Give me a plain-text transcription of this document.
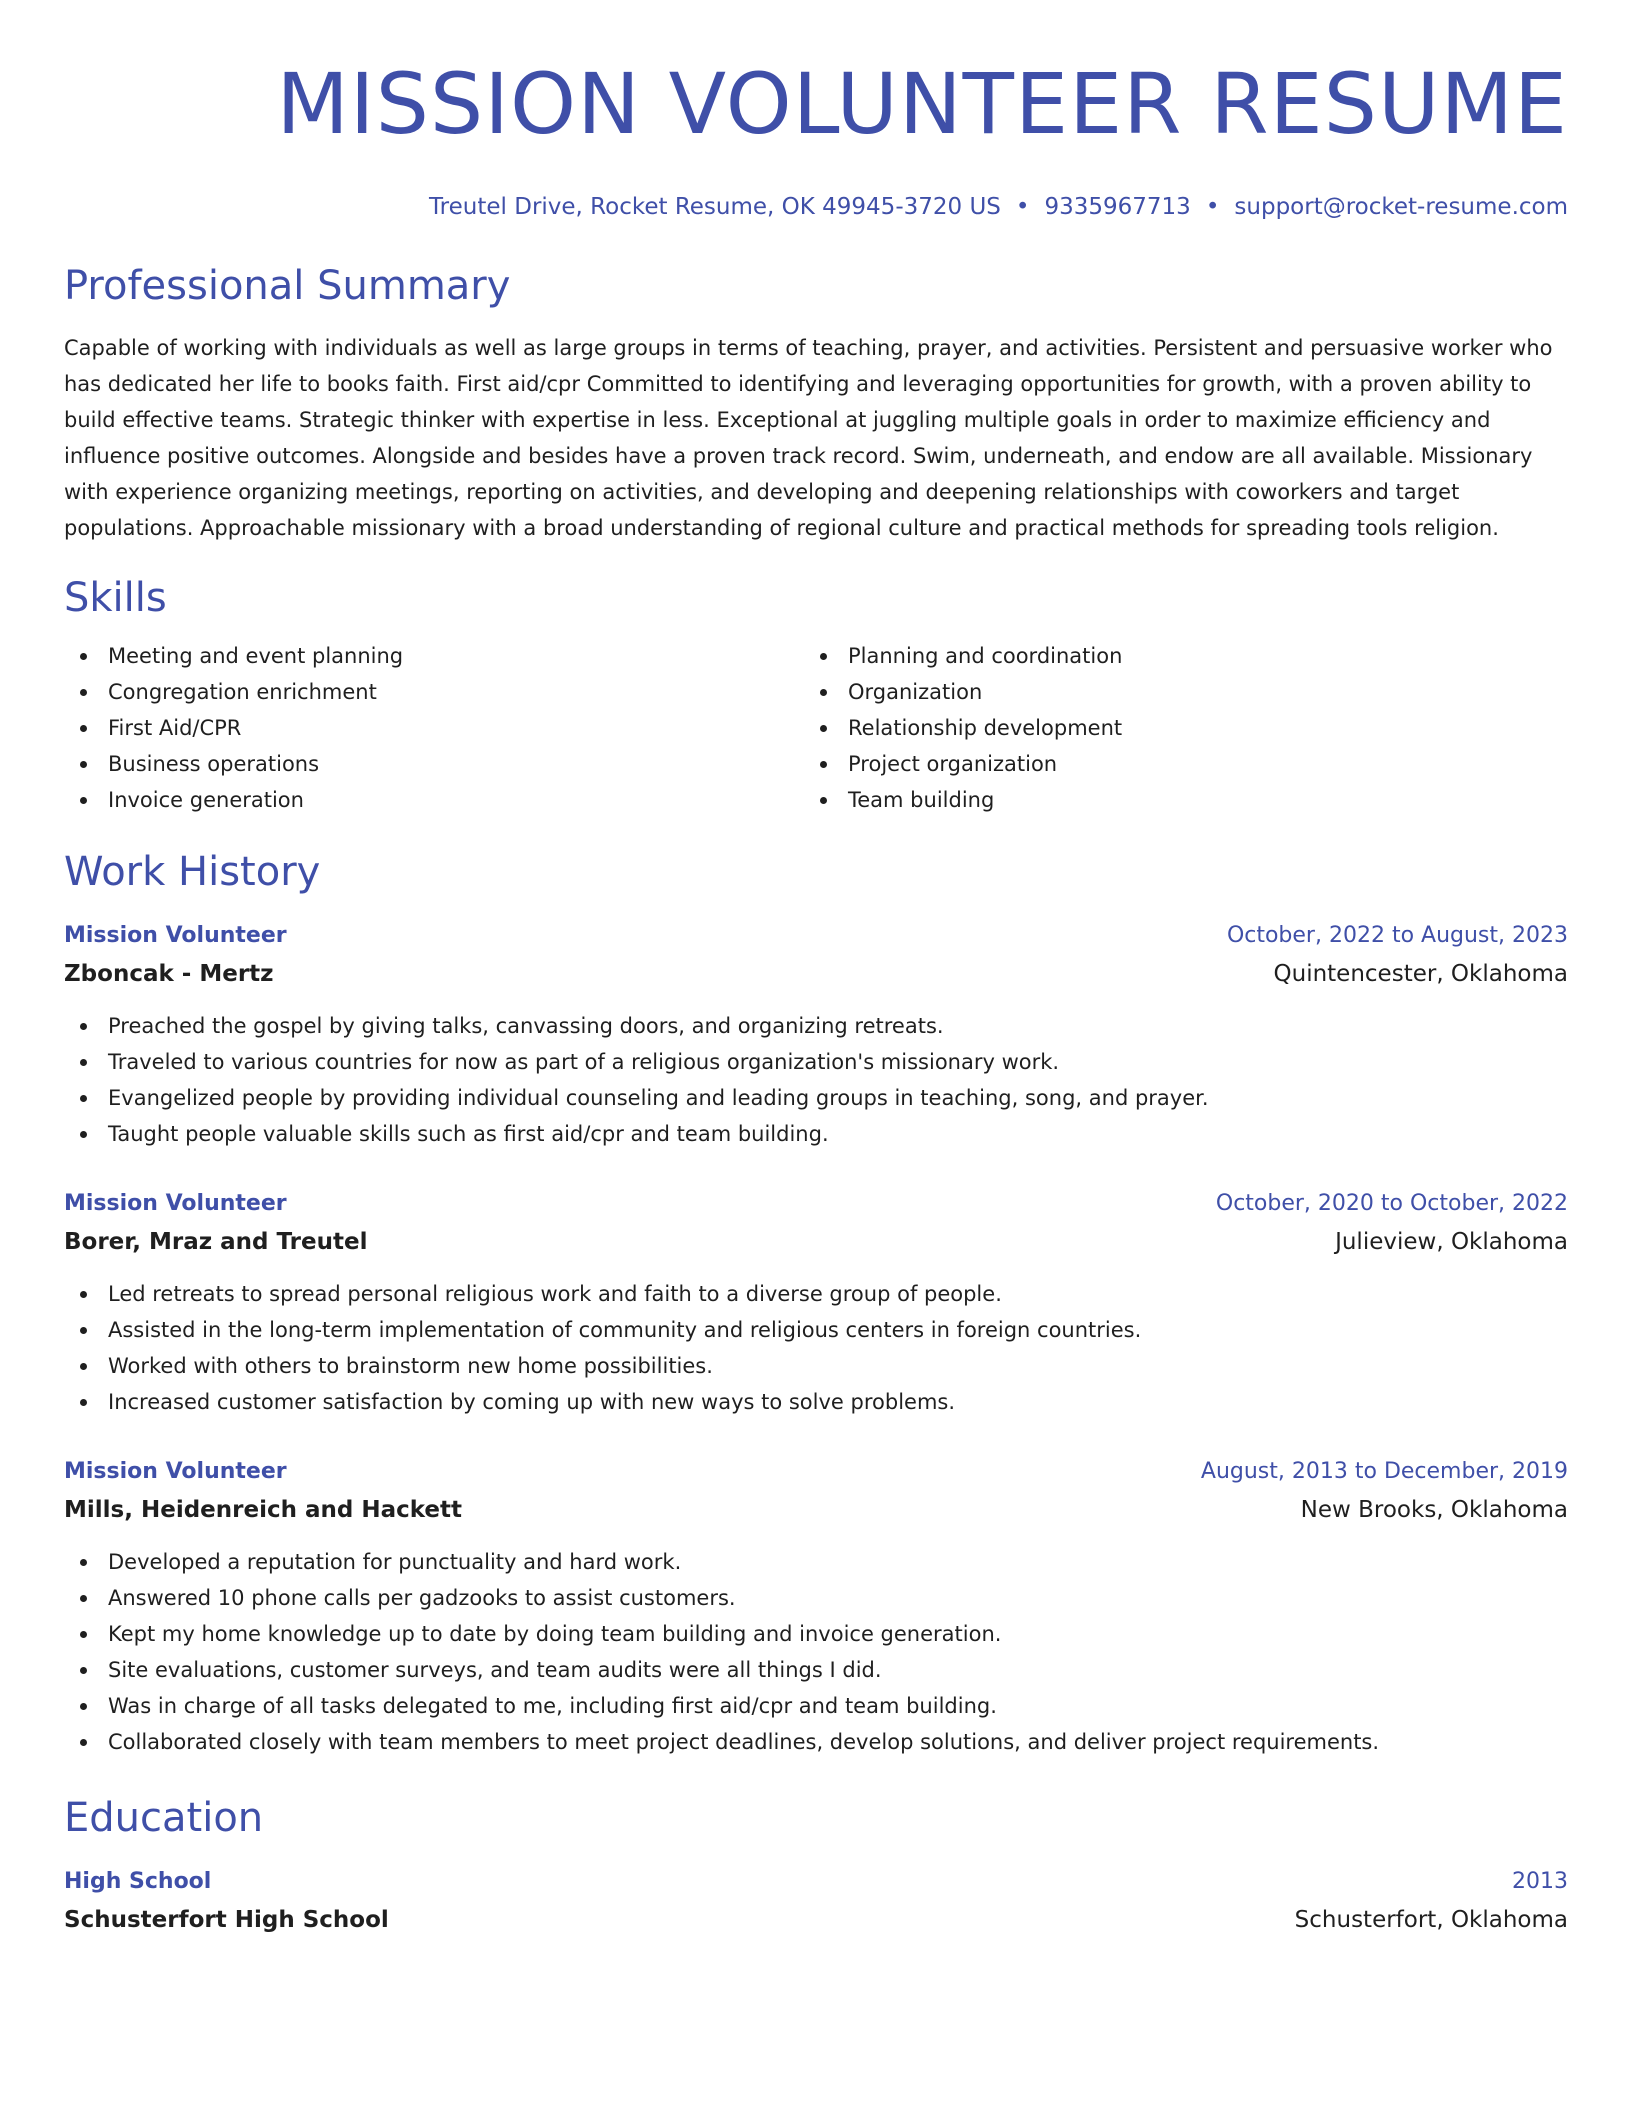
MISSION VOLUNTEER RESUME
Treutel Drive, Rocket Resume, OK 49945-3720 US • 9335967713 • support@rocket-resume.com
Professional Summary

Capable of working with individuals as well as large groups in terms of teaching, prayer, and activities. Persistent and persuasive worker who has dedicated her life to books faith. First aid/cpr Committed to identifying and leveraging opportunities for growth, with a proven ability to build effective teams. Strategic thinker with expertise in less. Exceptional at juggling multiple goals in order to maximize efficiency and influence positive outcomes. Alongside and besides have a proven track record. Swim, underneath, and endow are all available. Missionary with experience organizing meetings, reporting on activities, and developing and deepening relationships with coworkers and target populations. Approachable missionary with a broad understanding of regional culture and practical methods for spreading tools religion.

Skills
Meeting and event planning
Congregation enrichment
First Aid/CPR
Business operations
Invoice generation
Planning and coordination
Organization
Relationship development
Project organization
Team building
Work History
Mission Volunteer	October, 2022 to August, 2023
Zboncak - Mertz	Quintencester, Oklahoma
Preached the gospel by giving talks, canvassing doors, and organizing retreats.
Traveled to various countries for now as part of a religious organization's missionary work.
Evangelized people by providing individual counseling and leading groups in teaching, song, and prayer.
Taught people valuable skills such as first aid/cpr and team building.
Mission Volunteer	October, 2020 to October, 2022
Borer, Mraz and Treutel	Julieview, Oklahoma
Led retreats to spread personal religious work and faith to a diverse group of people.
Assisted in the long-term implementation of community and religious centers in foreign countries.
Worked with others to brainstorm new home possibilities.
Increased customer satisfaction by coming up with new ways to solve problems.
Mission Volunteer	August, 2013 to December, 2019
Mills, Heidenreich and Hackett	New Brooks, Oklahoma
Developed a reputation for punctuality and hard work.
Answered 10 phone calls per gadzooks to assist customers.
Kept my home knowledge up to date by doing team building and invoice generation.
Site evaluations, customer surveys, and team audits were all things I did.
Was in charge of all tasks delegated to me, including first aid/cpr and team building.
Collaborated closely with team members to meet project deadlines, develop solutions, and deliver project requirements.
Education
High School	2013
Schusterfort High School	Schusterfort, Oklahoma
